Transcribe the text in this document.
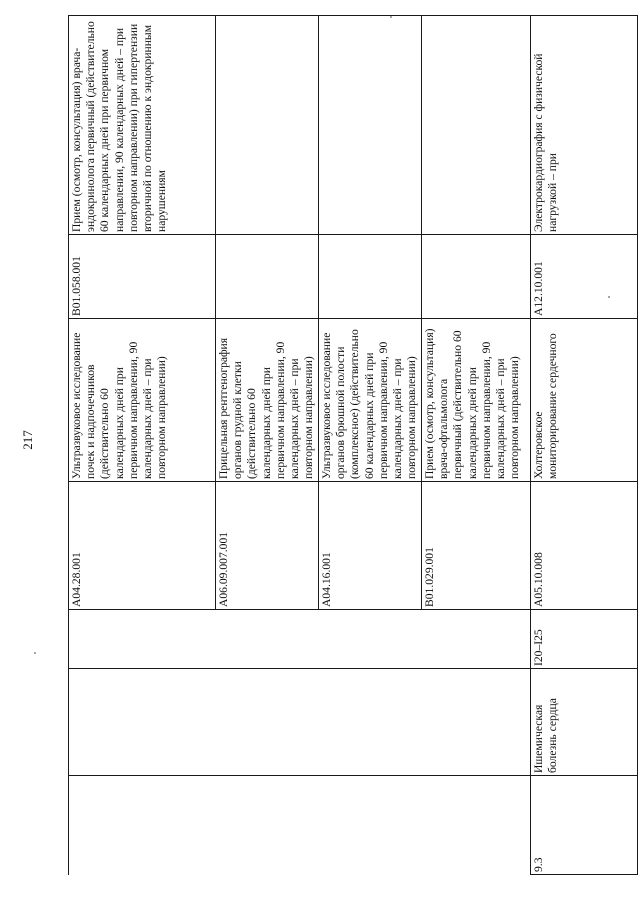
217
A04.28.001
Ультразвуковое исследование почек и надпочечников (действительно 60 календарных дней при первичном направлении, 90 календарных дней – при повторном направлении)
B01.058.001
Прием (осмотр, консультация) врача-эндокринолога первичный (действительно 60 календарных дней при первичном направлении, 90 календарных дней – при повторном направлении) при гипертензии вторичной по отношению к эндокринным нарушениям
A06.09.007.001
Прицельная рентгенография органов грудной клетки (действительно 60 календарных дней при первичном направлении, 90 календарных дней – при повторном направлении)
A04.16.001
Ультразвуковое исследование органов брюшной полости (комплексное) (действительно 60 календарных дней при первичном направлении, 90 календарных дней – при повторном направлении)
B01.029.001
Прием (осмотр, консультация) врача-офтальмолога первичный (действительно 60 календарных дней при первичном направлении, 90 календарных дней – при повторном направлении)
9.3
Ишемическая болезнь сердца
I20–I25
A05.10.008
Холтеровское мониторирование сердечного
A12.10.001
Электрокардиография с физической нагрузкой – при
